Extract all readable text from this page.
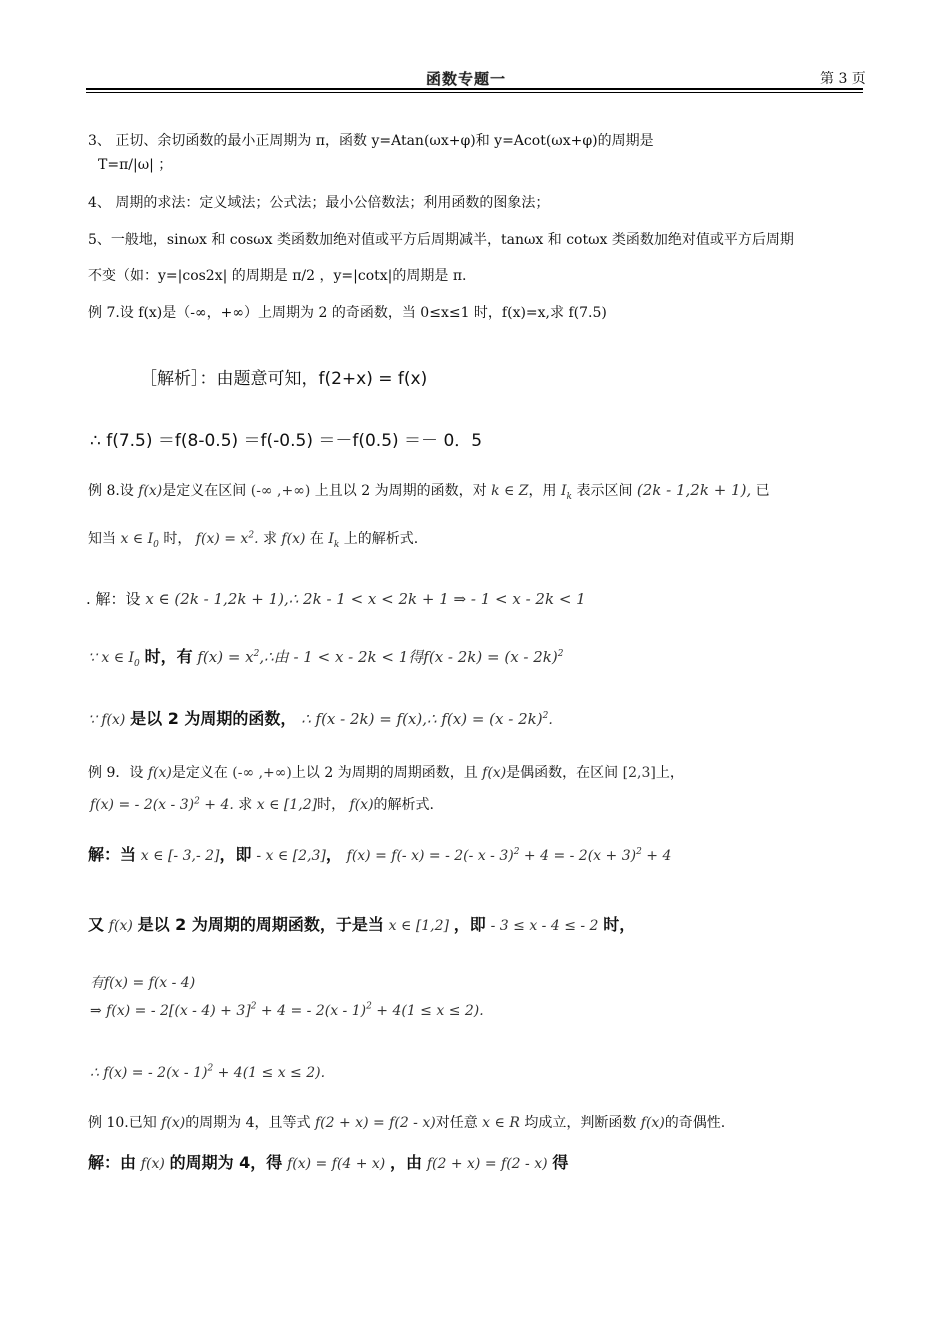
函数专题一	第 3 页
3、 正切、余切函数的最小正周期为 π，函数 y=Atan(ωx+φ)和 y=Acot(ωx+φ)的周期是
T=π/|ω| ；
4、 周期的求法：定义域法；公式法；最小公倍数法；利用函数的图象法；
5、一般地，sinωx 和 cosωx 类函数加绝对值或平方后周期减半，tanωx 和 cotωx 类函数加绝对值或平方后周期
不变（如：y=|cos2x| 的周期是 π/2 ，y=|cotx|的周期是 π.
例 7.设 f(x)是（-∞，+∞）上周期为 2 的奇函数，当 0≤x≤1 时，f(x)=x,求 f(7.5)
［解析］：由题意可知，f(2+x) = f(x)
∴ f(7.5) ＝f(8-0.5) ＝f(-0.5) ＝－f(0.5) ＝－ 0．5
例 8.设 f(x)是定义在区间 (-∞ ,+∞) 上且以 2 为周期的函数，对 k ∈ Z，用 $I_k$ 表示区间 (2k - 1,2k + 1), 已
知当 x ∈ $I_0$ 时， $f(x) = x^2$. 求 f(x) 在 $I_k$ 上的解析式.
. 解：设 x ∈ (2k - 1,2k + 1),∴ 2k - 1 < x < 2k + 1 ⇒ - 1 < x - 2k < 1
∵ x ∈ $I_0$ 时，有 $f(x) = x^2,\therefore$由 - 1 < x - 2k < 1得f(x - 2k) = (x - 2k)$^2$
∵ f(x) 是以 2 为周期的函数， ∴ f(x - 2k) = f(x),∴ f(x) = (x - 2k)$^2$.
例 9．设 f(x)是定义在 (-∞ ,+∞)上以 2 为周期的周期函数，且 f(x)是偶函数，在区间 [2,3]上，
f(x) = - 2(x - 3)$^2$ + 4. 求 x ∈ [1,2]时， f(x)的解析式.
解：当 x ∈ [- 3,- 2]，即 - x ∈ [2,3]， f(x) = f(- x) = - 2(- x - 3)$^2$ + 4 = - $2(x + 3)^2 + 4$
又 f(x) 是以 2 为周期的周期函数，于是当 x ∈ [1,2] ，即 - 3 ≤ x - 4 ≤ - 2 时，
有f(x) = f(x - 4)
⇒ f(x) = - $2[(x - 4) + 3]^2 + 4$ = - 2(x - 1)$^2$ + 4(1 ≤ x ≤ 2).
∴ f(x) = - 2(x - 1)$^2$ + 4(1 ≤ x ≤ 2).
例 10.已知 f(x)的周期为 4，且等式 f(2 + x) = f(2 - x)对任意 x ∈ R 均成立，判断函数 f(x)的奇偶性.
解：由 f(x) 的周期为 4，得 f(x) = f(4 + x) ，由 f(2 + x) = f(2 - x) 得
